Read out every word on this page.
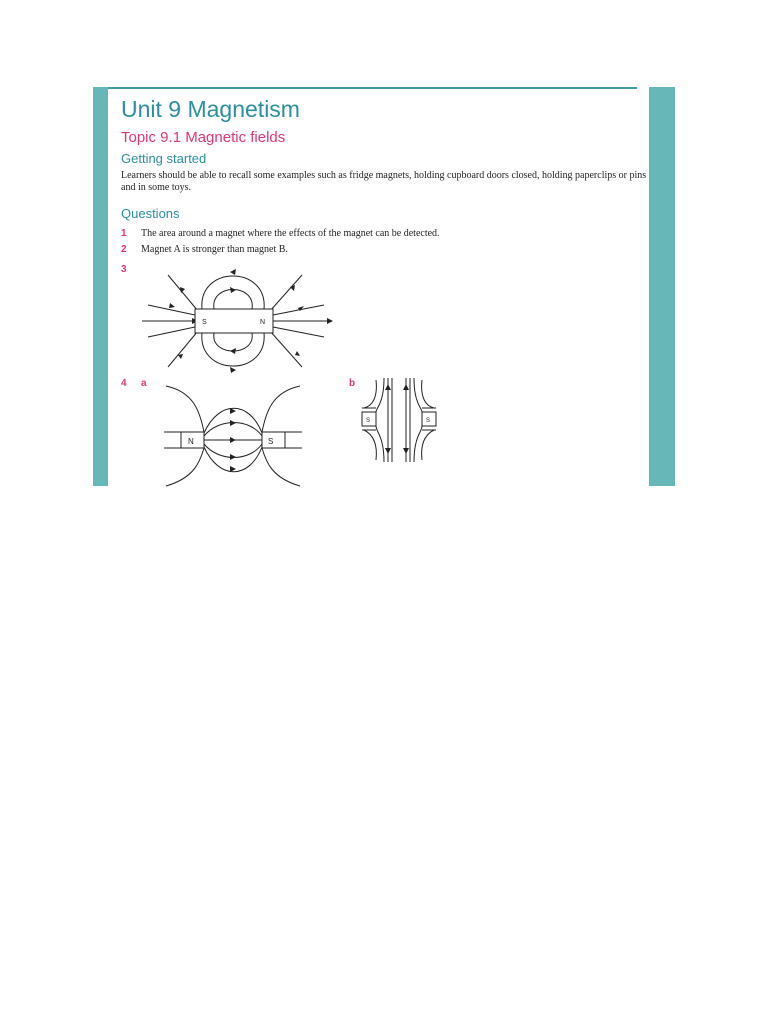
Unit 9 Magnetism
Topic 9.1 Magnetic fields
Getting started

Learners should be able to recall some examples such as fridge magnets, holding cupboard doors closed, holding paperclips or pins and in some toys.

Questions
1 The area around a magnet where the effects of the magnet can be detected.
2 Magnet A is stronger than magnet B.
3
4 a	b
S	N
N	S
S	S
